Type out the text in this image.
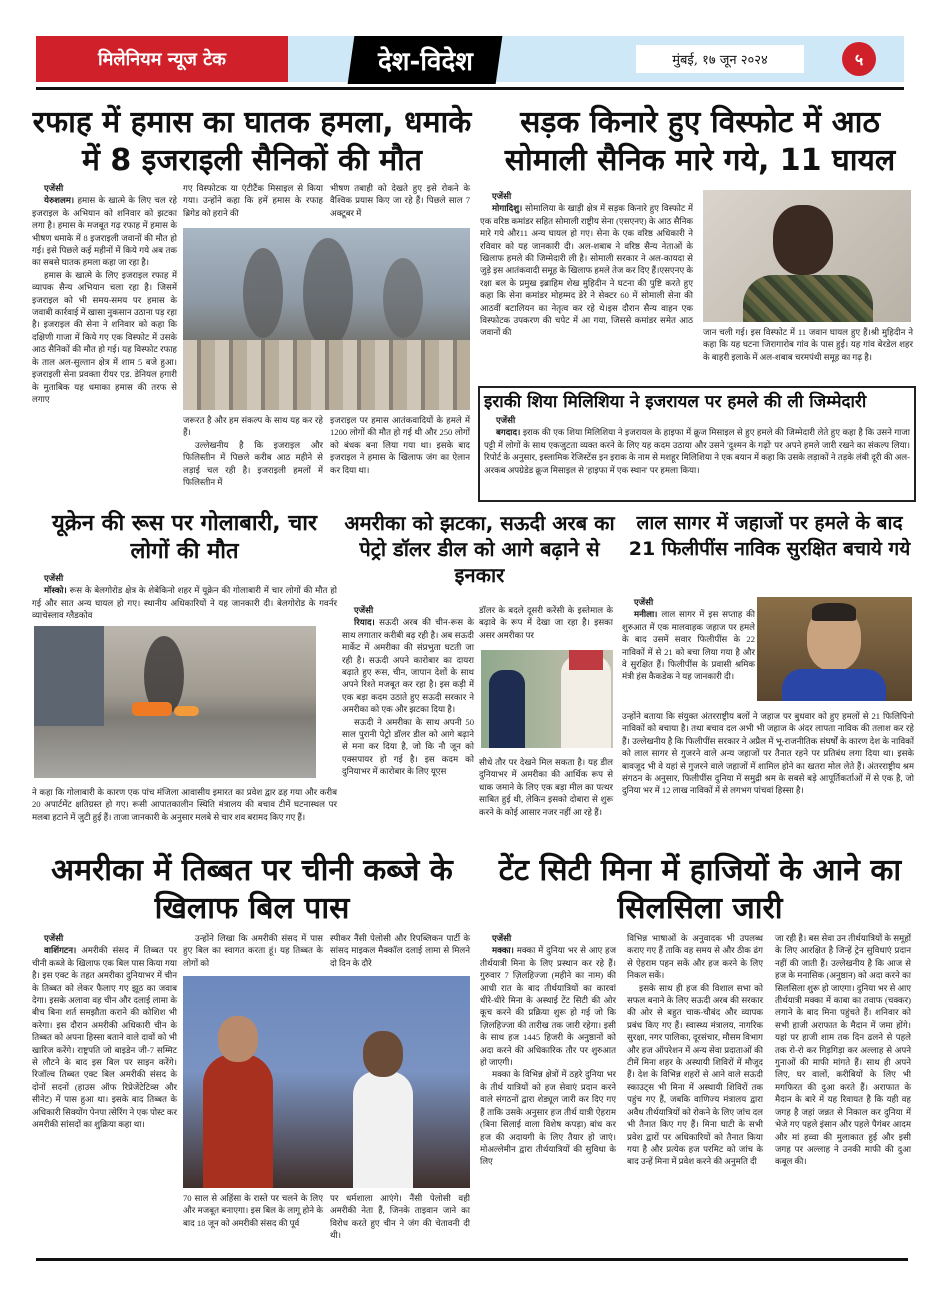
मिलेनियम न्यूज टेक	देश-विदेश	मुंबई, १७ जून २०२४	५
रफाह में हमास का घातक हमला, धमाके में 8 इजराइली सैनिकों की मौत

एजेंसी

येरुशलम। हमास के खात्मे के लिए चल रहे इजराइल के अभियान को शनिवार को झटका लगा है। हमास के मजबूत गढ़ रफाह में हमास के भीषण धमाके में 8 इजराइली जवानों की मौत हो गई। इसे पिछले कई महीनों में किये गये अब तक का सबसे घातक हमला कहा जा रहा है।

हमास के खात्मे के लिए इजराइल रफाह में व्यापक सैन्य अभियान चला रहा है। जिसमें इजराइल को भी समय-समय पर हमास के जवाबी कार्रवाई में खासा नुकसान उठाना पड़ रहा है। इजराइल की सेना ने शनिवार को कहा कि दक्षिणी गाजा में किये गए एक विस्फोट में उसके आठ सैनिकों की मौत हो गई। यह विस्फोट रफाह के ताल अल-सुल्तान क्षेत्र में शाम 5 बजे हुआ।इजराइली सेना प्रवक्ता रीयर एड. डेनियल हगारी के मुताबिक यह धमाका हमास की तरफ से लगाए

गए विस्फोटक या एंटीटैंक मिसाइल से किया गया। उन्होंने कहा कि हमें हमास के रफाह ब्रिगेड को हराने की
भीषण तबाही को देखते हुए इसे रोकने के वैश्विक प्रयास किए जा रहे हैं। पिछले साल 7 अक्टूबर में

जरूरत है और हम संकल्प के साथ यह कर रहे हैं।

उल्लेखनीय है कि इजराइल और फिलिस्तीन में पिछले करीब आठ महीने से लड़ाई चल रही है। इजराइली हमलों में फिलिस्तीन में

इजराइल पर हमास आतंकवादियों के हमले में 1200 लोगों की मौत हो गई थी और 250 लोगों को बंधक बना लिया गया था। इसके बाद इजराइल ने हमास के खिलाफ जंग का ऐलान कर दिया था।
सड़क किनारे हुए विस्फोट में आठ सोमाली सैनिक मारे गये, 11 घायल

एजेंसी

मोगादिशु। सोमालिया के खाड़ी क्षेत्र में सड़क किनारे हुए विस्फोट में एक वरिष्ठ कमांडर सहित सोमाली राष्ट्रीय सेना (एसएनए) के आठ सैनिक मारे गये और11 अन्य घायल हो गए। सेना के एक वरिष्ठ अधिकारी ने रविवार को यह जानकारी दी। अल-शबाब ने वरिष्ठ सैन्य नेताओं के खिलाफ हमले की जिम्मेदारी ली है। सोमाली सरकार ने अल-कायदा से जुड़े इस आतंकवादी समूह के खिलाफ हमले तेज कर दिए हैं।एसएनए के रक्षा बल के प्रमुख इब्राहिम शेख मुहिदीन ने घटना की पुष्टि करते हुए कहा कि सेना कमांडर मोहम्मद डेरे ने सेक्टर 60 में सोमाली सेना की आठवीं बटालियन का नेतृत्व कर रहे थे।इस दौरान सैन्य वाहन एक विस्फोटक उपकरण की चपेट में आ गया, जिससे कमांडर समेत आठ जवानों की	जान चली गई। इस विस्फोट में 11 जवान घायल हुए हैं।श्री मुहिदीन ने कहा कि यह घटना जिरागारोब गांव के पास हुई। यह गांव बेरडेल शहर के बाहरी इलाके में अल-शबाब चरमपंथी समूह का गढ़ है।
इराकी शिया मिलिशिया ने इजरायल पर हमले की ली जिम्मेदारी

एजेंसी

बगदाद। इराक की एक शिया मिलिशिया ने इजरायल के हाइफा में क्रूज मिसाइल से हुए हमले की जिम्मेदारी लेते हुए कहा है कि उसने गाजा पट्टी में लोगों के साथ एकजुटता व्यक्त करने के लिए यह कदम उठाया और उसने 'दुश्मन के गढ़ों' पर अपने हमले जारी रखने का संकल्प लिया।रिपोर्ट के अनुसार, इस्लामिक रेजिस्टेंस इन इराक के नाम से मशहूर मिलिशिया ने एक बयान में कहा कि उसके लड़ाकों ने तड़के लंबी दूरी की अल-अरकब अपग्रेडेड क्रूज मिसाइल से 'हाइफा में एक स्थान' पर हमला किया।

यूक्रेन की रूस पर गोलाबारी, चार लोगों की मौत

एजेंसी

मॉस्को। रूस के बेलगोरोड क्षेत्र के शेबेकिनो शहर में यूक्रेन की गोलाबारी में चार लोगों की मौत हो गई और सात अन्य घायल हो गए। स्थानीय अधिकारियों ने यह जानकारी दी। बेलगोरोड के गवर्नर व्याचेस्लाव ग्लैडकोव

ने कहा कि गोलाबारी के कारण एक पांच मंजिला आवासीय इमारत का प्रवेश द्वार ढह गया और करीब 20 अपार्टमेंट क्षतिग्रस्त हो गए। रूसी आपातकालीन स्थिति मंत्रालय की बचाव टीमें घटनास्थल पर मलबा हटाने में जुटी हुई हैं। ताजा जानकारी के अनुसार मलबे से चार शव बरामद किए गए हैं।
अमरीका को झटका, सऊदी अरब का पेट्रो डॉलर डील को आगे बढ़ाने से इनकार

एजेंसी

रियाद। सऊदी अरब की चीन-रूस के साथ लगातार करीबी बढ़ रही है। अब सऊदी मार्केट में अमरीका की संप्रभुता घटती जा रही है। सऊदी अपने कारोबार का दायरा बढ़ाते हुए रूस, चीन, जापान देशों के साथ अपने रिश्ते मजबूत कर रहा है। इस कड़ी में एक बड़ा कदम उठाते हुए सऊदी सरकार ने अमरीका को एक और झटका दिया है।

सऊदी ने अमरीका के साथ अपनी 50 साल पुरानी पेट्रो डॉलर डील को आगे बढ़ाने से मना कर दिया है, जो कि नौ जून को एक्सपायर हो गई है। इस कदम को दुनियाभर में कारोबार के लिए यूएस

डॉलर के बदले दूसरी करेंसी के इस्तेमाल के बढ़ावे के रूप में देखा जा रहा है। इसका असर अमरीका पर
सीधे तौर पर देखने मिल सकता है। यह डील दुनियाभर में अमरीका की आर्थिक रूप से धाक जमाने के लिए एक बड़ा मील का पत्थर साबित हुई थी, लेकिन इसको दोबारा से शुरू करने के कोई आसार नजर नहीं आ रहे हैं।
लाल सागर में जहाजों पर हमले के बाद 21 फिलीपींस नाविक सुरक्षित बचाये गये

एजेंसी

मनीला। लाल सागर में इस सप्ताह की शुरुआत में एक मालवाहक जहाज पर हमले के बाद उसमें सवार फिलीपींस के 22 नाविकों में से 21 को बचा लिया गया है और वे सुरक्षित हैं। फिलीपींस के प्रवासी श्रमिक मंत्री हंस कैकडेक ने यह जानकारी दी।

उन्होंने बताया कि संयुक्त अंतरराष्ट्रीय बलों ने जहाज पर बुधवार को हुए हमलों से 21 फिलिपिनो नाविकों को बचाया है। तथा बचाव दल अभी भी जहाज के अंदर लापता नाविक की तलाश कर रहे हैं। उल्लेखनीय है कि फिलीपींस सरकार ने अप्रैल में भू-राजनीतिक संघर्षों के कारण देश के नाविकों को लाल सागर से गुजरने वाले अन्य जहाजों पर तैनात रहने पर प्रतिबंध लगा दिया था। इसके बावजूद भी वे यहां से गुजरने वाले जहाजों में शामिल होने का खतरा मोल लेते हैं। अंतरराष्ट्रीय श्रम संगठन के अनुसार, फिलीपींस दुनिया में समुद्री श्रम के सबसे बड़े आपूर्तिकर्ताओं में से एक है, जो दुनिया भर में 12 लाख नाविकों में से लगभग पांचवां हिस्सा है।
अमरीका में तिब्बत पर चीनी कब्जे के खिलाफ बिल पास

एजेंसी

वाशिंगटन। अमरीकी संसद में तिब्बत पर चीनी कब्जे के खिलाफ एक बिल पास किया गया है। इस एक्ट के तहत अमरीका दुनियाभर में चीन के तिब्बत को लेकर फैलाए गए झूठ का जवाब देगा। इसके अलावा वह चीन और दलाई लामा के बीच बिना शर्त समझौता कराने की कोशिश भी करेगा। इस दौरान अमरीकी अधिकारी चीन के तिब्बत को अपना हिस्सा बताने वाले दावों को भी खारिज करेंगे। राष्ट्रपति जो बाइडेन जी-7 सम्मिट से लौटने के बाद इस बिल पर साइन करेंगे। रिजॉल्व तिब्बत एक्ट बिल अमरीकी संसद के दोनों सदनों (हाउस ऑफ रिप्रेजेंटेटिव्स और सीनेट) में पास हुआ था। इसके बाद तिब्बत के अधिकारी सिक्योंग पेनपा त्सेरिंग ने एक पोस्ट कर अमरीकी सांसदों का शुक्रिया कहा था।

उन्होंने लिखा कि अमरीकी संसद में पास हुए बिल का स्वागत करता हूं। यह तिब्बत के लोगों को

स्पीकर नैंसी पेलोसी और रिपब्लिकन पार्टी के सांसद माइकल मैक्कॉल दलाई लामा से मिलने दो दिन के दौरे
70 साल से अहिंसा के रास्ते पर चलने के लिए और मजबूत बनाएगा। इस बिल के लागू होने के बाद 18 जून को अमरीकी संसद की पूर्व
पर धर्मशाला आएंगे। नैंसी पेलोसी वही अमरीकी नेता हैं, जिनके ताइवान जाने का विरोध करते हुए चीन ने जंग की चेतावनी दी थी।
टेंट सिटी मिना में हाजियों के आने का सिलसिला जारी

एजेंसी

मक्का। मक्का में दुनिया भर से आए हज तीर्थयात्री मिना के लिए प्रस्थान कर रहे हैं। गुरुवार 7 ज़िलहिज्जा (महीने का नाम) की आधी रात के बाद तीर्थयात्रियों का कारवां धीरे-धीरे मिना के अस्थाई टेंट सिटी की ओर कूच करने की प्रक्रिया शुरू हो गई जो कि ज़िलहिज्जा की तारीख तक जारी रहेगा। इसी के साथ हज 1445 हिजरी के अनुष्ठानों को अदा करने की अधिकारिक तौर पर शुरुआत हो जाएगी।

मक्का के विभिन्न क्षेत्रों में ठहरे दुनिया भर के तीर्थ यात्रियों को हज सेवाएं प्रदान करने वाले संगठनों द्वारा शेड्यूल जारी कर दिए गए हैं ताकि उसके अनुसार हज तीर्थ यात्री ऐहराम (बिना सिलाई वाला विशेष कपड़ा) बांध कर हज की अदायगी के लिए तैयार हो जाएं। मोअल्लेमीन द्वारा तीर्थयात्रियों की सुविधा के लिए

विभिन्न भाषाओं के अनुवादक भी उपलब्ध कराए गए हैं ताकि वह समय से और ठीक ढंग से ऐहराम पहन सकें और हज करने के लिए निकल सकें।

इसके साथ ही हज की विशाल सभा को सफल बनाने के लिए सऊदी अरब की सरकार की ओर से बहुत चाक-चौबंद और व्यापक प्रबंध किए गए हैं। स्वास्थ्य मंत्रालय, नागरिक सुरक्षा, नगर पालिका, दूरसंचार, मौसम विभाग और हज ऑपरेशन में अन्य सेवा प्रदाताओं की टीमें मिना शहर के अस्थायी शिविरों में मौजूद हैं। देश के विभिन्न शहरों से आने वाले सऊदी स्काउट्स भी मिना में अस्थायी शिविरों तक पहुंच गए हैं, जबकि वाणिज्य मंत्रालय द्वारा अवैध तीर्थयात्रियों को रोकने के लिए जांच दल भी तैनात किए गए हैं। मिना घाटी के सभी प्रवेश द्वारों पर अधिकारियों को तैनात किया गया है और प्रत्येक हज परमिट को जांच के बाद उन्हें मिना में प्रवेश करने की अनुमति दी

जा रही है। बस सेवा उन तीर्थयात्रियों के समूहों के लिए आरक्षित है जिन्हें ट्रेन सुविधाएं प्रदान नहीं की जाती हैं। उल्लेखनीय है कि आज से हज के मनासिक (अनुष्ठान) को अदा करने का सिलसिला शुरू हो जाएगा। दुनिया भर से आए तीर्थयात्री मक्का में काबा का तवाफ (चक्कर) लगाने के बाद मिना पहुंचते हैं। शनिवार को सभी हाजी अराफात के मैदान में जमा होंगे। यहां पर हाजी शाम तक दिन ढलने से पहले तक रो-रो कर गिड़गिड़ा कर अल्लाह से अपने गुनाओं की माफी मांगते हैं। साथ ही अपने लिए, घर वालों, करीबियों के लिए भी मगफिरत की दुआ करते हैं। अराफात के मैदान के बारे में यह रिवायत है कि यही वह जगह है जहां जन्नत से निकाल कर दुनिया में भेजे गए पहले इंसान और पहले पैगंबर आदम और मां हव्वा की मुलाकात हुई और इसी जगह पर अल्लाह ने उनकी माफी की दुआ कबूल की।
